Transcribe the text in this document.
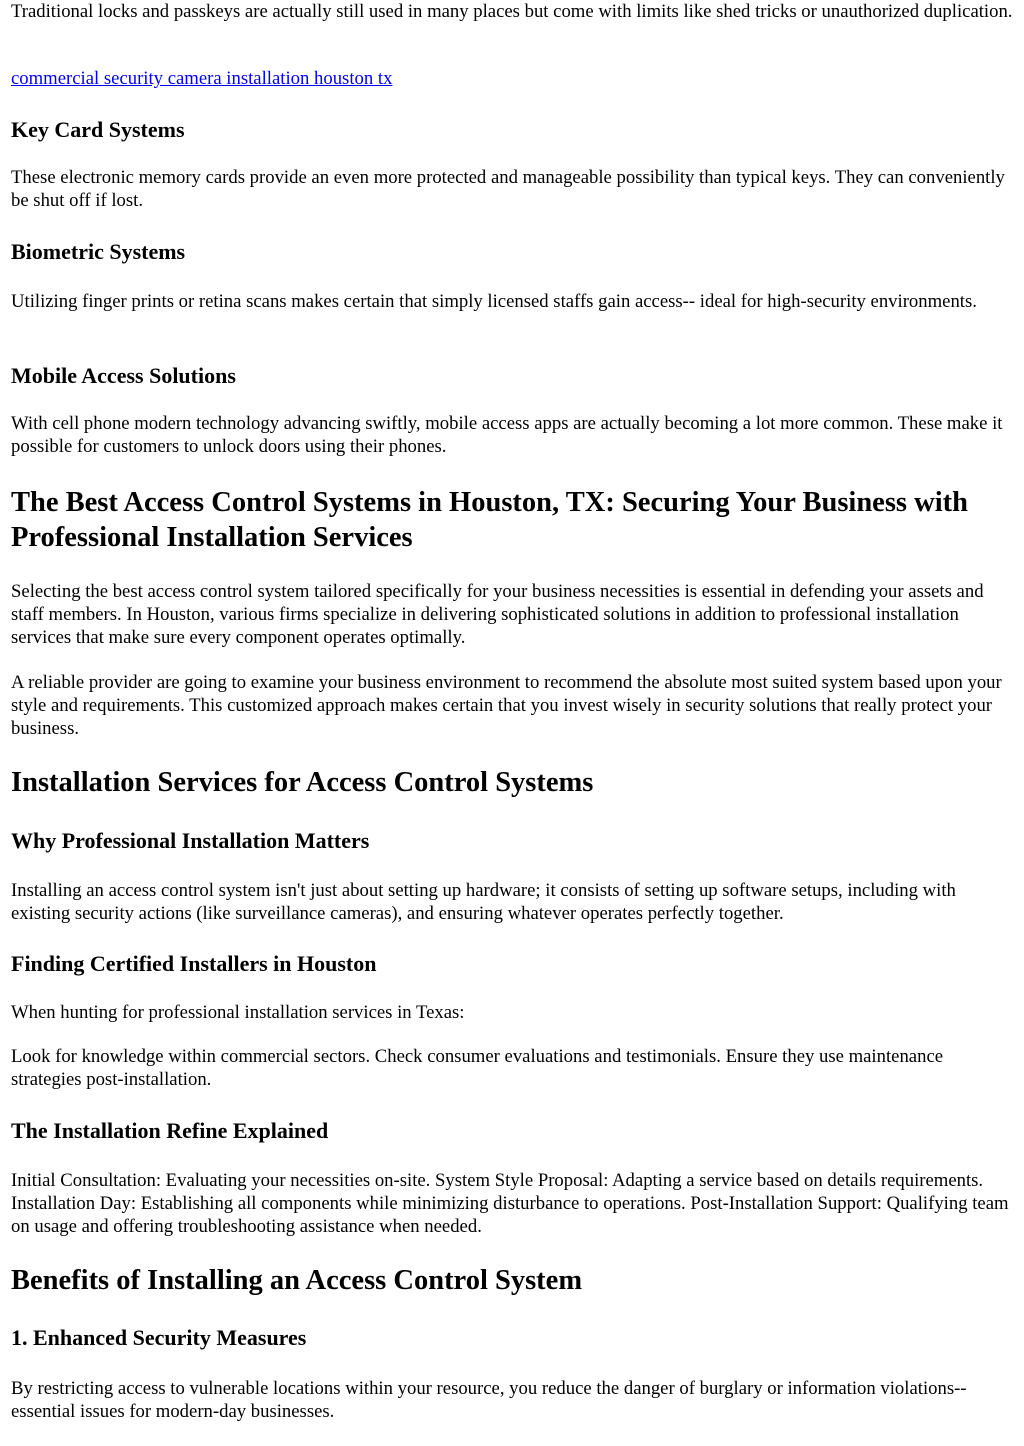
Traditional locks and passkeys are actually still used in many places but come with limits like shed tricks or unauthorized duplication.

commercial security camera installation houston tx

Key Card Systems

These electronic memory cards provide an even more protected and manageable possibility than typical keys. They can conveniently be shut off if lost.

Biometric Systems

Utilizing finger prints or retina scans makes certain that simply licensed staffs gain access-- ideal for high-security environments.

Mobile Access Solutions

With cell phone modern technology advancing swiftly, mobile access apps are actually becoming a lot more common. These make it possible for customers to unlock doors using their phones.

The Best Access Control Systems in Houston, TX: Securing Your Business with Professional Installation Services

Selecting the best access control system tailored specifically for your business necessities is essential in defending your assets and staff members. In Houston, various firms specialize in delivering sophisticated solutions in addition to professional installation services that make sure every component operates optimally.

A reliable provider are going to examine your business environment to recommend the absolute most suited system based upon your style and requirements. This customized approach makes certain that you invest wisely in security solutions that really protect your business.

Installation Services for Access Control Systems
Why Professional Installation Matters

Installing an access control system isn't just about setting up hardware; it consists of setting up software setups, including with existing security actions (like surveillance cameras), and ensuring whatever operates perfectly together.

Finding Certified Installers in Houston

When hunting for professional installation services in Texas:

Look for knowledge within commercial sectors. Check consumer evaluations and testimonials. Ensure they use maintenance strategies post-installation.

The Installation Refine Explained

Initial Consultation: Evaluating your necessities on-site. System Style Proposal: Adapting a service based on details requirements. Installation Day: Establishing all components while minimizing disturbance to operations. Post-Installation Support: Qualifying team on usage and offering troubleshooting assistance when needed.

Benefits of Installing an Access Control System
1. Enhanced Security Measures

By restricting access to vulnerable locations within your resource, you reduce the danger of burglary or information violations-- essential issues for modern-day businesses.
